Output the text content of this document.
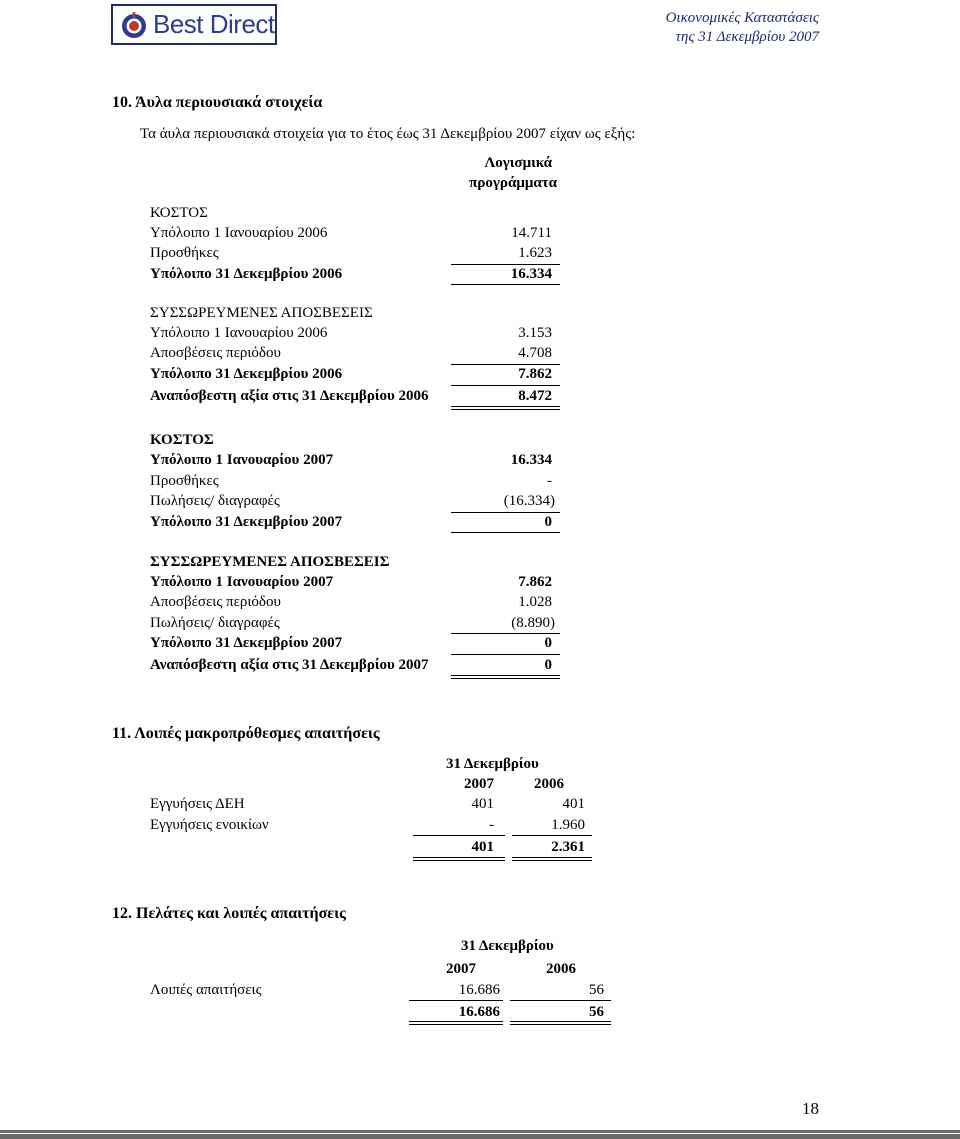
Best Direct	Οικονομικές Καταστάσεις
της 31 Δεκεμβρίου 2007
10. Άυλα περιουσιακά στοιχεία
Τα άυλα περιουσιακά στοιχεία για το έτος έως 31 Δεκεμβρίου 2007 είχαν ως εξής:
Λογισμικά
προγράμματα
ΚΟΣΤΟΣ
Υπόλοιπο 1 Ιανουαρίου 2006	14.711
Προσθήκες	1.623
Υπόλοιπο 31 Δεκεμβρίου 2006	16.334
ΣΥΣΣΩΡΕΥΜΕΝΕΣ ΑΠΟΣΒΕΣΕΙΣ
Υπόλοιπο 1 Ιανουαρίου 2006	3.153
Αποσβέσεις περιόδου	4.708
Υπόλοιπο 31 Δεκεμβρίου 2006	7.862
Αναπόσβεστη αξία στις 31 Δεκεμβρίου 2006	8.472
ΚΟΣΤΟΣ
Υπόλοιπο 1 Ιανουαρίου 2007	16.334
Προσθήκες	-
Πωλήσεις/ διαγραφές	(16.334)
Υπόλοιπο 31 Δεκεμβρίου 2007	0
ΣΥΣΣΩΡΕΥΜΕΝΕΣ ΑΠΟΣΒΕΣΕΙΣ
Υπόλοιπο 1 Ιανουαρίου 2007	7.862
Αποσβέσεις περιόδου	1.028
Πωλήσεις/ διαγραφές	(8.890)
Υπόλοιπο 31 Δεκεμβρίου 2007	0
Αναπόσβεστη αξία στις 31 Δεκεμβρίου 2007	0
11. Λοιπές μακροπρόθεσμες απαιτήσεις
31 Δεκεμβρίου
2007	2006
Εγγυήσεις ΔΕΗ	401	401
Εγγυήσεις ενοικίων	-	1.960
401	2.361
12. Πελάτες και λοιπές απαιτήσεις
31 Δεκεμβρίου
2007	2006
Λοιπές απαιτήσεις	16.686	56
16.686	56
18
